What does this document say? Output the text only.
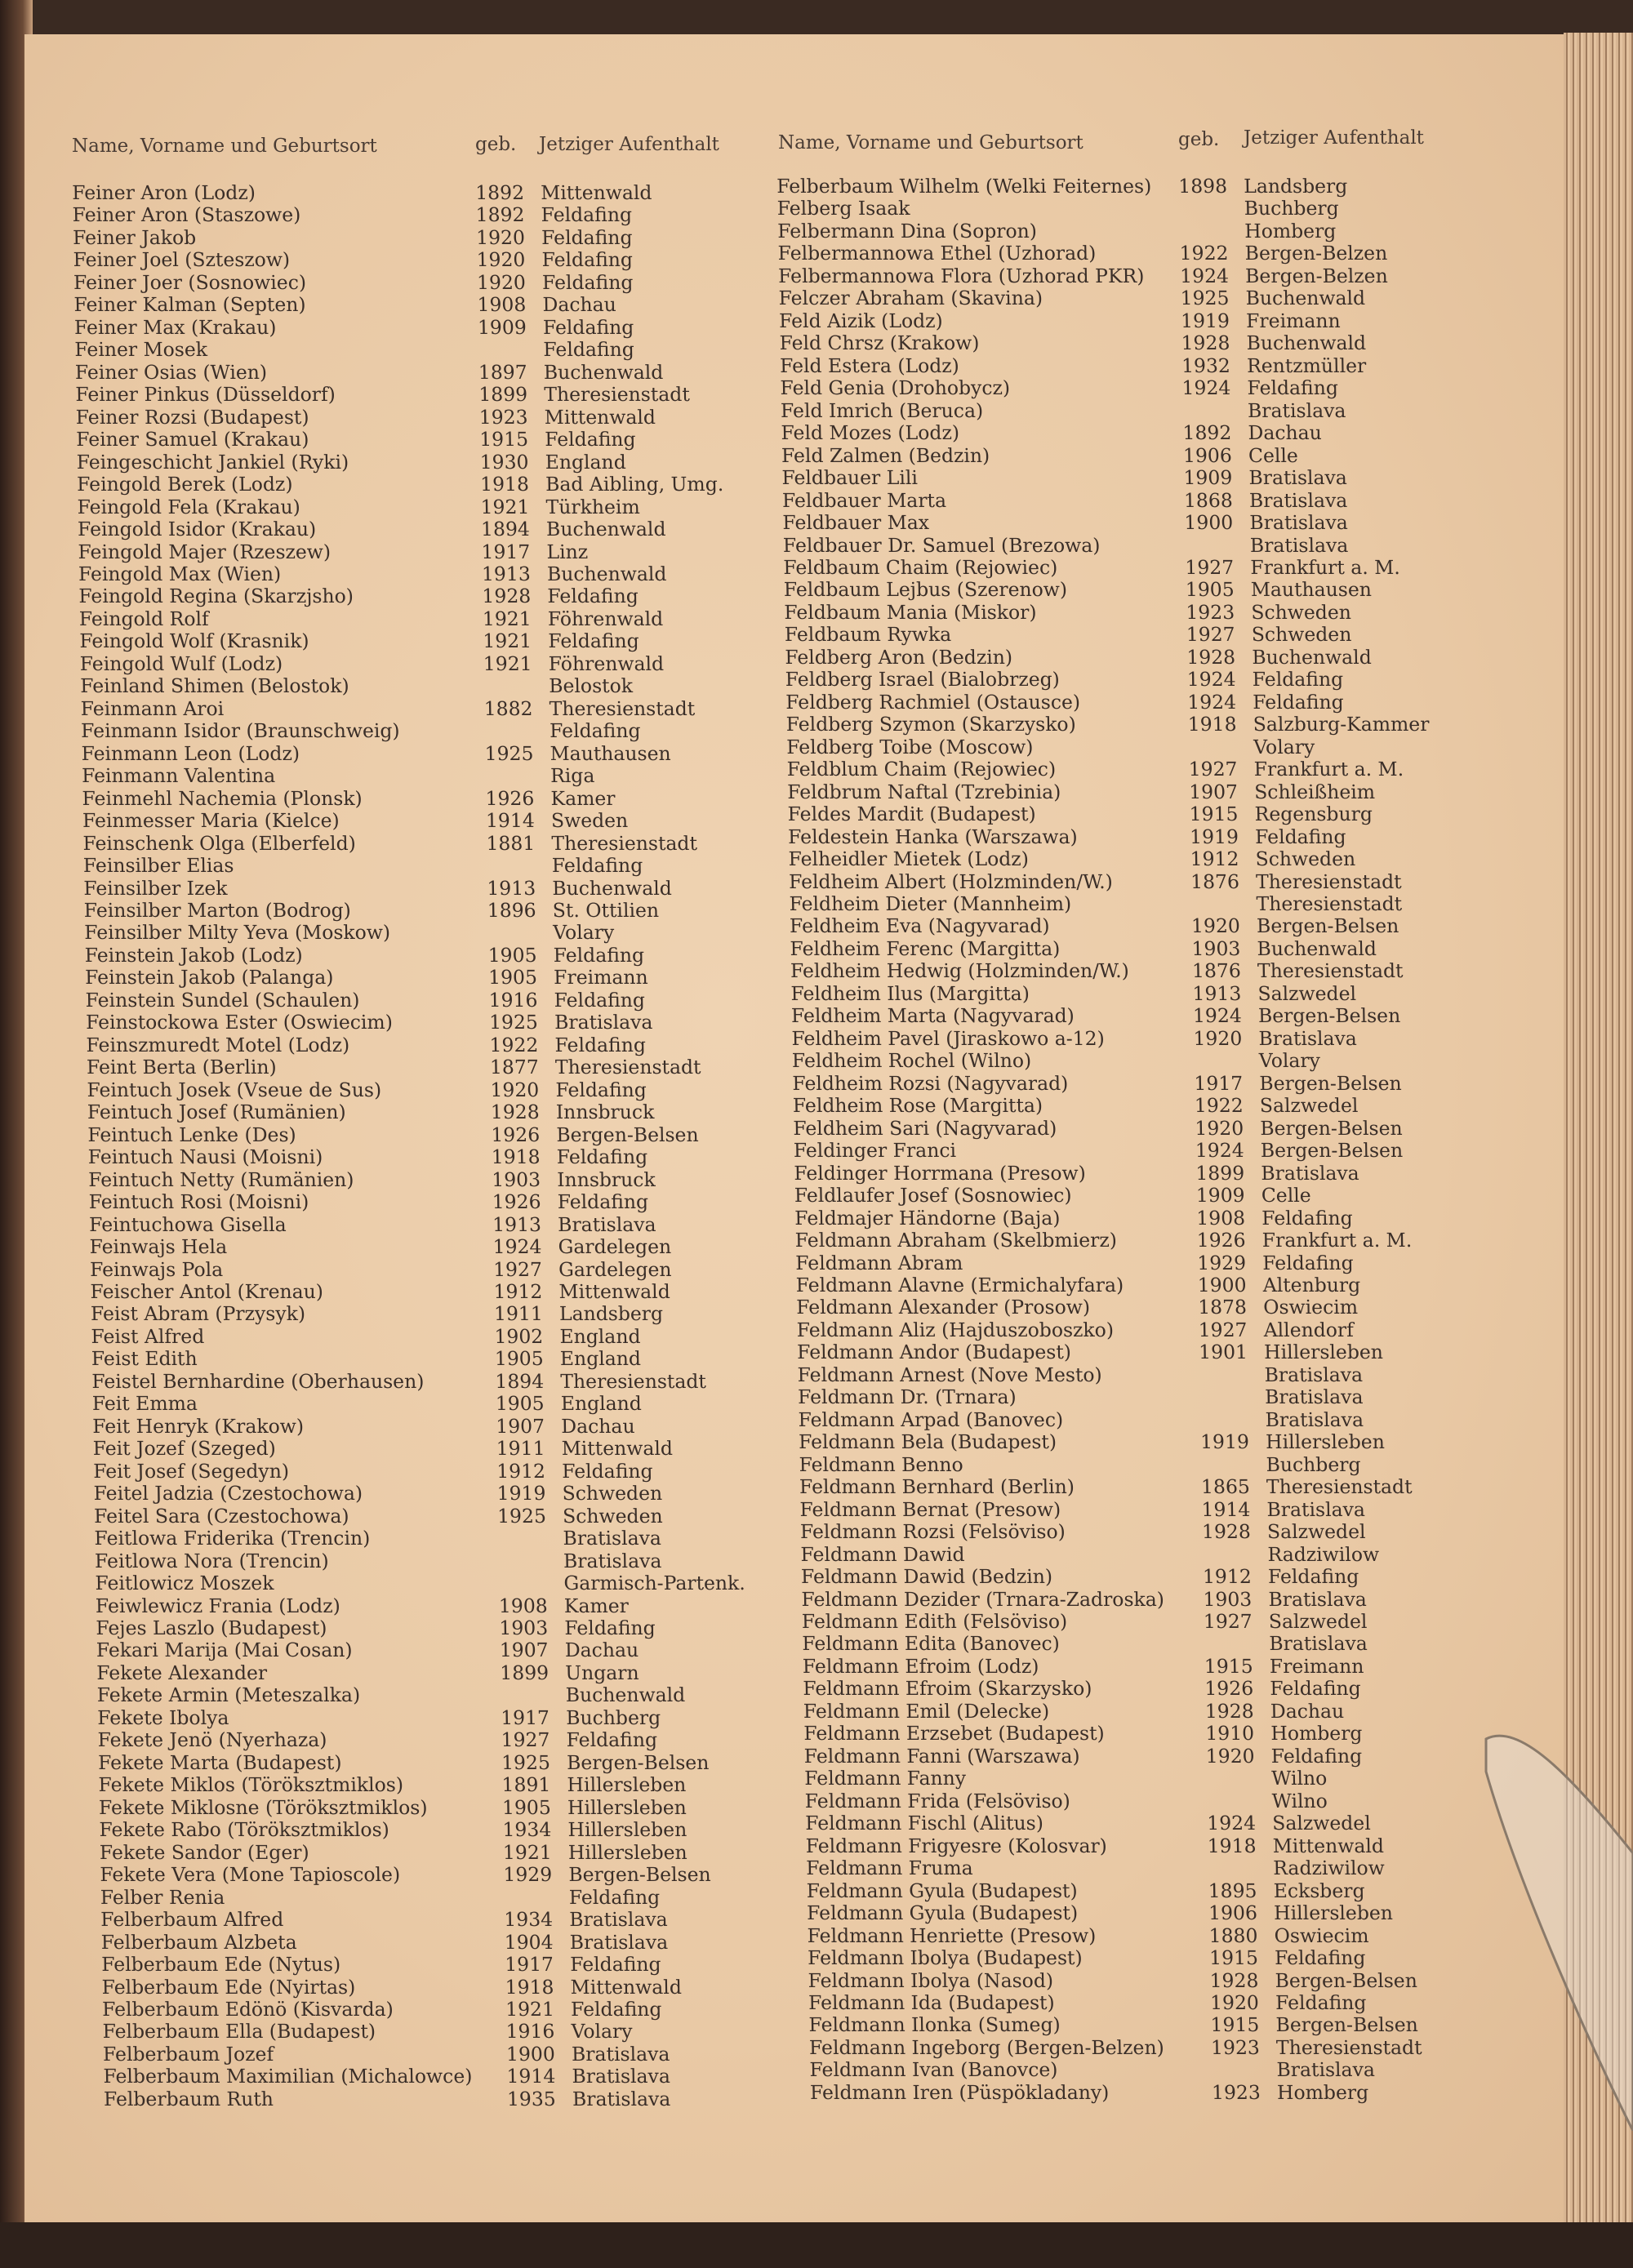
Name, Vorname und Geburtsort	geb. Jetziger Aufenthalt	Name, Vorname und Geburtsort	geb. Jetziger Aufenthalt
Feiner Aron (Lodz)	1892 Mittenwald
Feiner Aron (Staszowe)	1892 Feldafing
Feiner Jakob	1920 Feldafing
Feiner Joel (Szteszow)	1920 Feldafing
Feiner Joer (Sosnowiec)	1920 Feldafing
Feiner Kalman (Septen)	1908 Dachau
Feiner Max (Krakau)	1909 Feldafing
Feiner Mosek	Feldafing
Feiner Osias (Wien)	1897 Buchenwald
Feiner Pinkus (Düsseldorf)	1899 Theresienstadt
Feiner Rozsi (Budapest)	1923 Mittenwald
Feiner Samuel (Krakau)	1915 Feldafing
Feingeschicht Jankiel (Ryki)	1930 England
Feingold Berek (Lodz)	1918 Bad Aibling, Umg.
Feingold Fela (Krakau)	1921 Türkheim
Feingold Isidor (Krakau)	1894 Buchenwald
Feingold Majer (Rzeszew)	1917 Linz
Feingold Max (Wien)	1913 Buchenwald
Feingold Regina (Skarzjsho)	1928 Feldafing
Feingold Rolf	1921 Föhrenwald
Feingold Wolf (Krasnik)	1921 Feldafing
Feingold Wulf (Lodz)	1921 Föhrenwald
Feinland Shimen (Belostok)	Belostok
Feinmann Aroi	1882 Theresienstadt
Feinmann Isidor (Braunschweig)	Feldafing
Feinmann Leon (Lodz)	1925 Mauthausen
Feinmann Valentina	Riga
Feinmehl Nachemia (Plonsk)	1926 Kamer
Feinmesser Maria (Kielce)	1914 Sweden
Feinschenk Olga (Elberfeld)	1881 Theresienstadt
Feinsilber Elias	Feldafing
Feinsilber Izek	1913 Buchenwald
Feinsilber Marton (Bodrog)	1896 St. Ottilien
Feinsilber Milty Yeva (Moskow)	Volary
Feinstein Jakob (Lodz)	1905 Feldafing
Feinstein Jakob (Palanga)	1905 Freimann
Feinstein Sundel (Schaulen)	1916 Feldafing
Feinstockowa Ester (Oswiecim)	1925 Bratislava
Feinszmuredt Motel (Lodz)	1922 Feldafing
Feint Berta (Berlin)	1877 Theresienstadt
Feintuch Josek (Vseue de Sus)	1920 Feldafing
Feintuch Josef (Rumänien)	1928 Innsbruck
Feintuch Lenke (Des)	1926 Bergen-Belsen
Feintuch Nausi (Moisni)	1918 Feldafing
Feintuch Netty (Rumänien)	1903 Innsbruck
Feintuch Rosi (Moisni)	1926 Feldafing
Feintuchowa Gisella	1913 Bratislava
Feinwajs Hela	1924 Gardelegen
Feinwajs Pola	1927 Gardelegen
Feischer Antol (Krenau)	1912 Mittenwald
Feist Abram (Przysyk)	1911 Landsberg
Feist Alfred	1902 England
Feist Edith	1905 England
Feistel Bernhardine (Oberhausen)	1894 Theresienstadt
Feit Emma	1905 England
Feit Henryk (Krakow)	1907 Dachau
Feit Jozef (Szeged)	1911 Mittenwald
Feit Josef (Segedyn)	1912 Feldafing
Feitel Jadzia (Czestochowa)	1919 Schweden
Feitel Sara (Czestochowa)	1925 Schweden
Feitlowa Friderika (Trencin)	Bratislava
Feitlowa Nora (Trencin)	Bratislava
Feitlowicz Moszek	Garmisch-Partenk.
Feiwlewicz Frania (Lodz)	1908 Kamer
Fejes Laszlo (Budapest)	1903 Feldafing
Fekari Marija (Mai Cosan)	1907 Dachau
Fekete Alexander	1899 Ungarn
Fekete Armin (Meteszalka)	Buchenwald
Fekete Ibolya	1917 Buchberg
Fekete Jenö (Nyerhaza)	1927 Feldafing
Fekete Marta (Budapest)	1925 Bergen-Belsen
Fekete Miklos (Töröksztmiklos)	1891 Hillersleben
Fekete Miklosne (Töröksztmiklos)	1905 Hillersleben
Fekete Rabo (Töröksztmiklos)	1934 Hillersleben
Fekete Sandor (Eger)	1921 Hillersleben
Fekete Vera (Mone Tapioscole)	1929 Bergen-Belsen
Felber Renia	Feldafing
Felberbaum Alfred	1934 Bratislava
Felberbaum Alzbeta	1904 Bratislava
Felberbaum Ede (Nytus)	1917 Feldafing
Felberbaum Ede (Nyirtas)	1918 Mittenwald
Felberbaum Edönö (Kisvarda)	1921 Feldafing
Felberbaum Ella (Budapest)	1916 Volary
Felberbaum Jozef	1900 Bratislava
Felberbaum Maximilian (Michalowce)	1914 Bratislava
Felberbaum Ruth	1935 Bratislava
Felberbaum Wilhelm (Welki Feiternes)	1898 Landsberg
Felberg Isaak	Buchberg
Felbermann Dina (Sopron)	Homberg
Felbermannowa Ethel (Uzhorad)	1922 Bergen-Belzen
Felbermannowa Flora (Uzhorad PKR)	1924 Bergen-Belzen
Felczer Abraham (Skavina)	1925 Buchenwald
Feld Aizik (Lodz)	1919 Freimann
Feld Chrsz (Krakow)	1928 Buchenwald
Feld Estera (Lodz)	1932 Rentzmüller
Feld Genia (Drohobycz)	1924 Feldafing
Feld Imrich (Beruca)	Bratislava
Feld Mozes (Lodz)	1892 Dachau
Feld Zalmen (Bedzin)	1906 Celle
Feldbauer Lili	1909 Bratislava
Feldbauer Marta	1868 Bratislava
Feldbauer Max	1900 Bratislava
Feldbauer Dr. Samuel (Brezowa)	Bratislava
Feldbaum Chaim (Rejowiec)	1927 Frankfurt a. M.
Feldbaum Lejbus (Szerenow)	1905 Mauthausen
Feldbaum Mania (Miskor)	1923 Schweden
Feldbaum Rywka	1927 Schweden
Feldberg Aron (Bedzin)	1928 Buchenwald
Feldberg Israel (Bialobrzeg)	1924 Feldafing
Feldberg Rachmiel (Ostausce)	1924 Feldafing
Feldberg Szymon (Skarzysko)	1918 Salzburg-Kammer
Feldberg Toibe (Moscow)	Volary
Feldblum Chaim (Rejowiec)	1927 Frankfurt a. M.
Feldbrum Naftal (Tzrebinia)	1907 Schleißheim
Feldes Mardit (Budapest)	1915 Regensburg
Feldestein Hanka (Warszawa)	1919 Feldafing
Felheidler Mietek (Lodz)	1912 Schweden
Feldheim Albert (Holzminden/W.)	1876 Theresienstadt
Feldheim Dieter (Mannheim)	Theresienstadt
Feldheim Eva (Nagyvarad)	1920 Bergen-Belsen
Feldheim Ferenc (Margitta)	1903 Buchenwald
Feldheim Hedwig (Holzminden/W.)	1876 Theresienstadt
Feldheim Ilus (Margitta)	1913 Salzwedel
Feldheim Marta (Nagyvarad)	1924 Bergen-Belsen
Feldheim Pavel (Jiraskowo a-12)	1920 Bratislava
Feldheim Rochel (Wilno)	Volary
Feldheim Rozsi (Nagyvarad)	1917 Bergen-Belsen
Feldheim Rose (Margitta)	1922 Salzwedel
Feldheim Sari (Nagyvarad)	1920 Bergen-Belsen
Feldinger Franci	1924 Bergen-Belsen
Feldinger Horrmana (Presow)	1899 Bratislava
Feldlaufer Josef (Sosnowiec)	1909 Celle
Feldmajer Händorne (Baja)	1908 Feldafing
Feldmann Abraham (Skelbmierz)	1926 Frankfurt a. M.
Feldmann Abram	1929 Feldafing
Feldmann Alavne (Ermichalyfara)	1900 Altenburg
Feldmann Alexander (Prosow)	1878 Oswiecim
Feldmann Aliz (Hajduszoboszko)	1927 Allendorf
Feldmann Andor (Budapest)	1901 Hillersleben
Feldmann Arnest (Nove Mesto)	Bratislava
Feldmann Dr. (Trnara)	Bratislava
Feldmann Arpad (Banovec)	Bratislava
Feldmann Bela (Budapest)	1919 Hillersleben
Feldmann Benno	Buchberg
Feldmann Bernhard (Berlin)	1865 Theresienstadt
Feldmann Bernat (Presow)	1914 Bratislava
Feldmann Rozsi (Felsöviso)	1928 Salzwedel
Feldmann Dawid	Radziwilow
Feldmann Dawid (Bedzin)	1912 Feldafing
Feldmann Dezider (Trnara-Zadroska)	1903 Bratislava
Feldmann Edith (Felsöviso)	1927 Salzwedel
Feldmann Edita (Banovec)	Bratislava
Feldmann Efroim (Lodz)	1915 Freimann
Feldmann Efroim (Skarzysko)	1926 Feldafing
Feldmann Emil (Delecke)	1928 Dachau
Feldmann Erzsebet (Budapest)	1910 Homberg
Feldmann Fanni (Warszawa)	1920 Feldafing
Feldmann Fanny	Wilno
Feldmann Frida (Felsöviso)	Wilno
Feldmann Fischl (Alitus)	1924 Salzwedel
Feldmann Frigyesre (Kolosvar)	1918 Mittenwald
Feldmann Fruma	Radziwilow
Feldmann Gyula (Budapest)	1895 Ecksberg
Feldmann Gyula (Budapest)	1906 Hillersleben
Feldmann Henriette (Presow)	1880 Oswiecim
Feldmann Ibolya (Budapest)	1915 Feldafing
Feldmann Ibolya (Nasod)	1928 Bergen-Belsen
Feldmann Ida (Budapest)	1920 Feldafing
Feldmann Ilonka (Sumeg)	1915 Bergen-Belsen
Feldmann Ingeborg (Bergen-Belzen)	1923 Theresienstadt
Feldmann Ivan (Banovce)	Bratislava
Feldmann Iren (Püspökladany)	1923 Homberg
